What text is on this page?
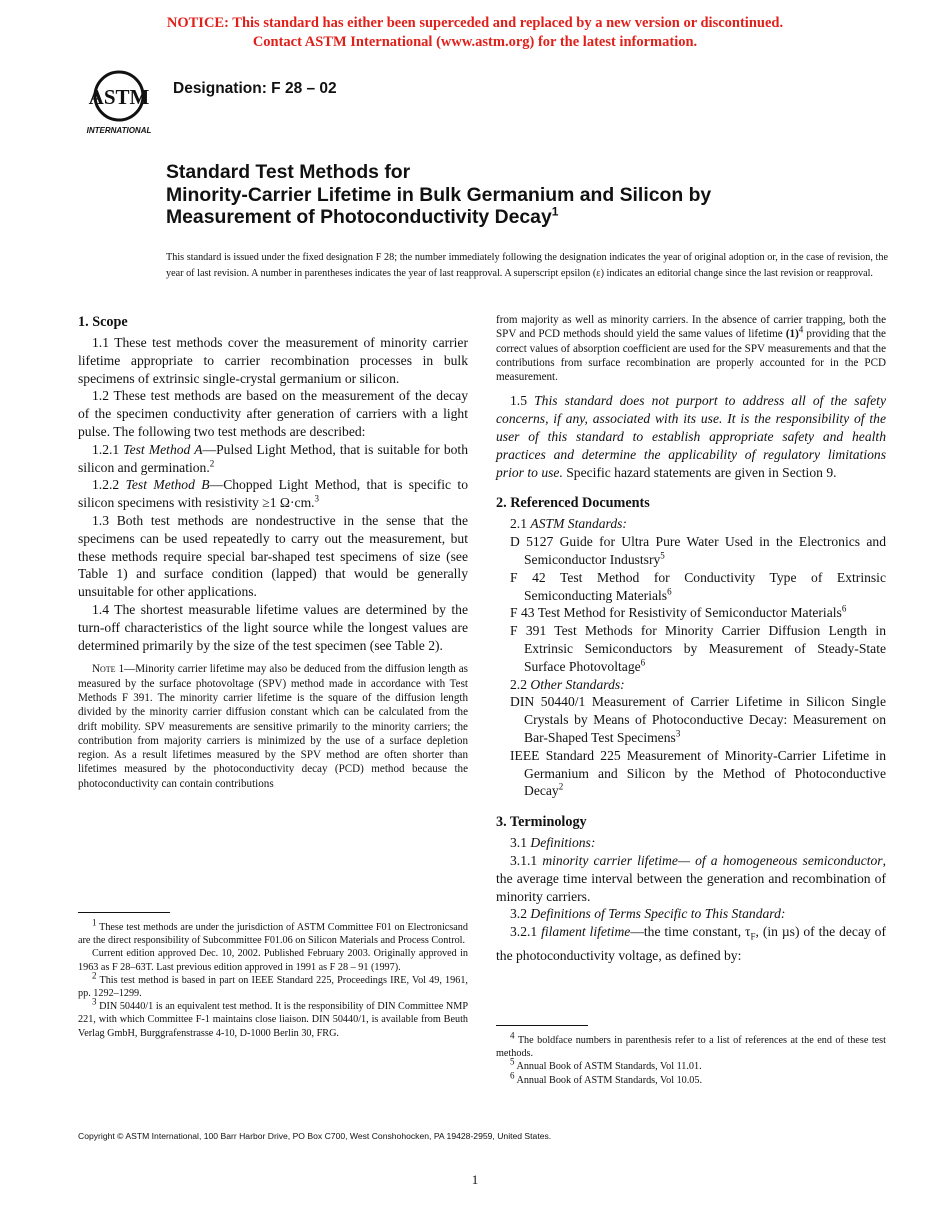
NOTICE: This standard has either been superceded and replaced by a new version or discontinued.
Contact ASTM International (www.astm.org) for the latest information.
ASTM
INTERNATIONAL
Designation: F 28 – 02
Standard Test Methods for
Minority-Carrier Lifetime in Bulk Germanium and Silicon by
Measurement of Photoconductivity Decay$^1$
This standard is issued under the fixed designation F 28; the number immediately following the designation indicates the year of original adoption or, in the case of revision, the year of last revision. A number in parentheses indicates the year of last reapproval. A superscript epsilon (ε) indicates an editorial change since the last revision or reapproval.
1. Scope

1.1 These test methods cover the measurement of minority carrier lifetime appropriate to carrier recombination processes in bulk specimens of extrinsic single-crystal germanium or silicon.

1.2 These test methods are based on the measurement of the decay of the specimen conductivity after generation of carriers with a light pulse. The following two test methods are described:

1.2.1 Test Method A—Pulsed Light Method, that is suitable for both silicon and germination.$^2$

1.2.2 Test Method B—Chopped Light Method, that is specific to silicon specimens with resistivity ≥1 Ω·cm.$^3$

1.3 Both test methods are nondestructive in the sense that the specimens can be used repeatedly to carry out the measurement, but these methods require special bar-shaped test specimens of size (see Table 1) and surface condition (lapped) that would be generally unsuitable for other applications.

1.4 The shortest measurable lifetime values are determined by the turn-off characteristics of the light source while the longest values are determined primarily by the size of the test specimen (see Table 2).

Note 1—Minority carrier lifetime may also be deduced from the diffusion length as measured by the surface photovoltage (SPV) method made in accordance with Test Methods F 391. The minority carrier lifetime is the square of the diffusion length divided by the minority carrier diffusion constant which can be calculated from the drift mobility. SPV measurements are sensitive primarily to the minority carriers; the contribution from majority carriers is minimized by the use of a surface depletion region. As a result lifetimes measured by the SPV method are often shorter than lifetimes measured by the photoconductivity decay (PCD) method because the photoconductivity can contain contributions

$^1$ These test methods are under the jurisdiction of ASTM Committee F01 on Electronicsand are the direct responsibility of Subcommittee F01.06 on Silicon Materials and Process Control.

Current edition approved Dec. 10, 2002. Published February 2003. Originally approved in 1963 as F 28–63T. Last previous edition approved in 1991 as F 28 – 91 (1997).

$^2$ This test method is based in part on IEEE Standard 225, Proceedings IRE, Vol 49, 1961, pp. 1292–1299.

$^3$ DIN 50440/1 is an equivalent test method. It is the responsibility of DIN Committee NMP 221, with which Committee F-1 maintains close liaison. DIN 50440/1, is available from Beuth Verlag GmbH, Burggrafenstrasse 4-10, D-1000 Berlin 30, FRG.

from majority as well as minority carriers. In the absence of carrier trapping, both the SPV and PCD methods should yield the same values of lifetime $(1)^4$ providing that the correct values of absorption coefficient are used for the SPV measurements and that the contributions from surface recombination are properly accounted for in the PCD measurement.

1.5 This standard does not purport to address all of the safety concerns, if any, associated with its use. It is the responsibility of the user of this standard to establish appropriate safety and health practices and determine the applicability of regulatory limitations prior to use. Specific hazard statements are given in Section 9.

2. Referenced Documents

2.1 ASTM Standards:

D 5127 Guide for Ultra Pure Water Used in the Electronics and Semiconductor Industsry$^5$

F 42 Test Method for Conductivity Type of Extrinsic Semiconducting Materials$^6$

F 43 Test Method for Resistivity of Semiconductor Materials$^6$

F 391 Test Methods for Minority Carrier Diffusion Length in Extrinsic Semiconductors by Measurement of Steady-State Surface Photovoltage$^6$

2.2 Other Standards:

DIN 50440/1 Measurement of Carrier Lifetime in Silicon Single Crystals by Means of Photoconductive Decay: Measurement on Bar-Shaped Test Specimens$^3$

IEEE Standard 225 Measurement of Minority-Carrier Lifetime in Germanium and Silicon by the Method of Photoconductive Decay$^2$

3. Terminology

3.1 Definitions:

3.1.1 minority carrier lifetime— of a homogeneous semiconductor, the average time interval between the generation and recombination of minority carriers.

3.2 Definitions of Terms Specific to This Standard:

3.2.1 filament lifetime—the time constant, $\tau_F$, (in µs) of the decay of the photoconductivity voltage, as defined by:

$^4$ The boldface numbers in parenthesis refer to a list of references at the end of these test methods.

$^5$ Annual Book of ASTM Standards, Vol 11.01.

$^6$ Annual Book of ASTM Standards, Vol 10.05.

Copyright © ASTM International, 100 Barr Harbor Drive, PO Box C700, West Conshohocken, PA 19428-2959, United States.
1
